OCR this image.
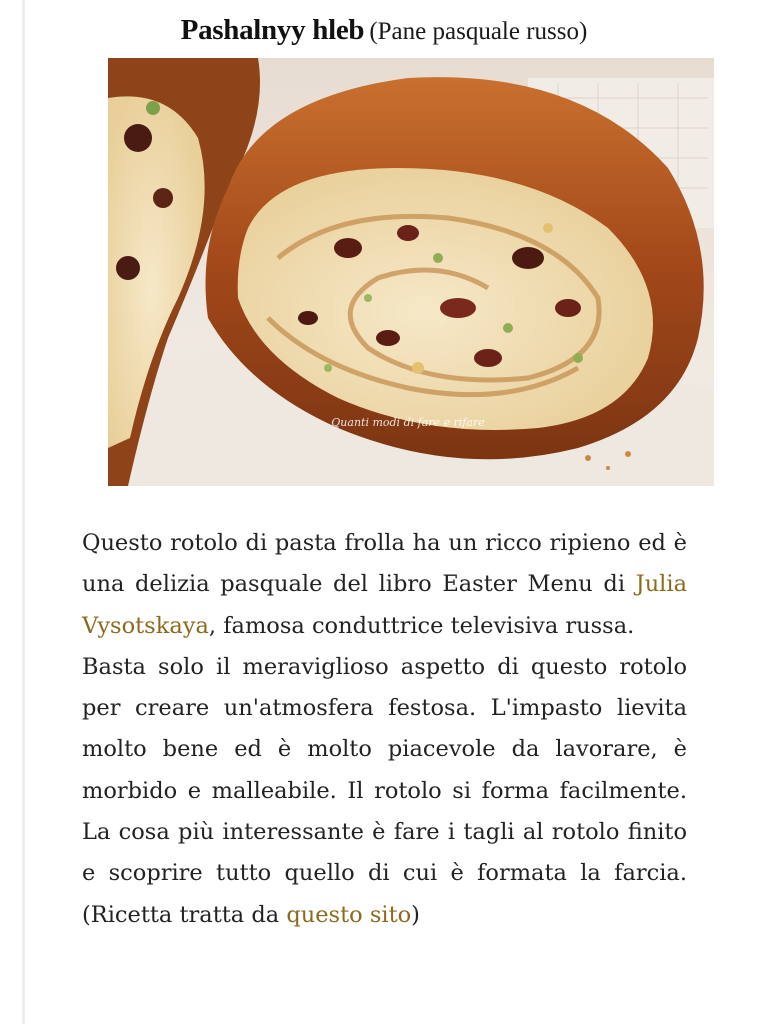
Pashalnyy hleb (Pane pasquale russo)
Quanti modi di fare e rifare

Questo rotolo di pasta frolla ha un ricco ripieno ed è una delizia pasquale del libro Easter Menu di Julia Vysotskaya, famosa conduttrice televisiva russa.

Basta solo il meraviglioso aspetto di questo rotolo per creare un'atmosfera festosa. L'impasto lievita molto bene ed è molto piacevole da lavorare, è morbido e malleabile. Il rotolo si forma facilmente. La cosa più interessante è fare i tagli al rotolo finito e scoprire tutto quello di cui è formata la farcia. (Ricetta tratta da questo sito)
